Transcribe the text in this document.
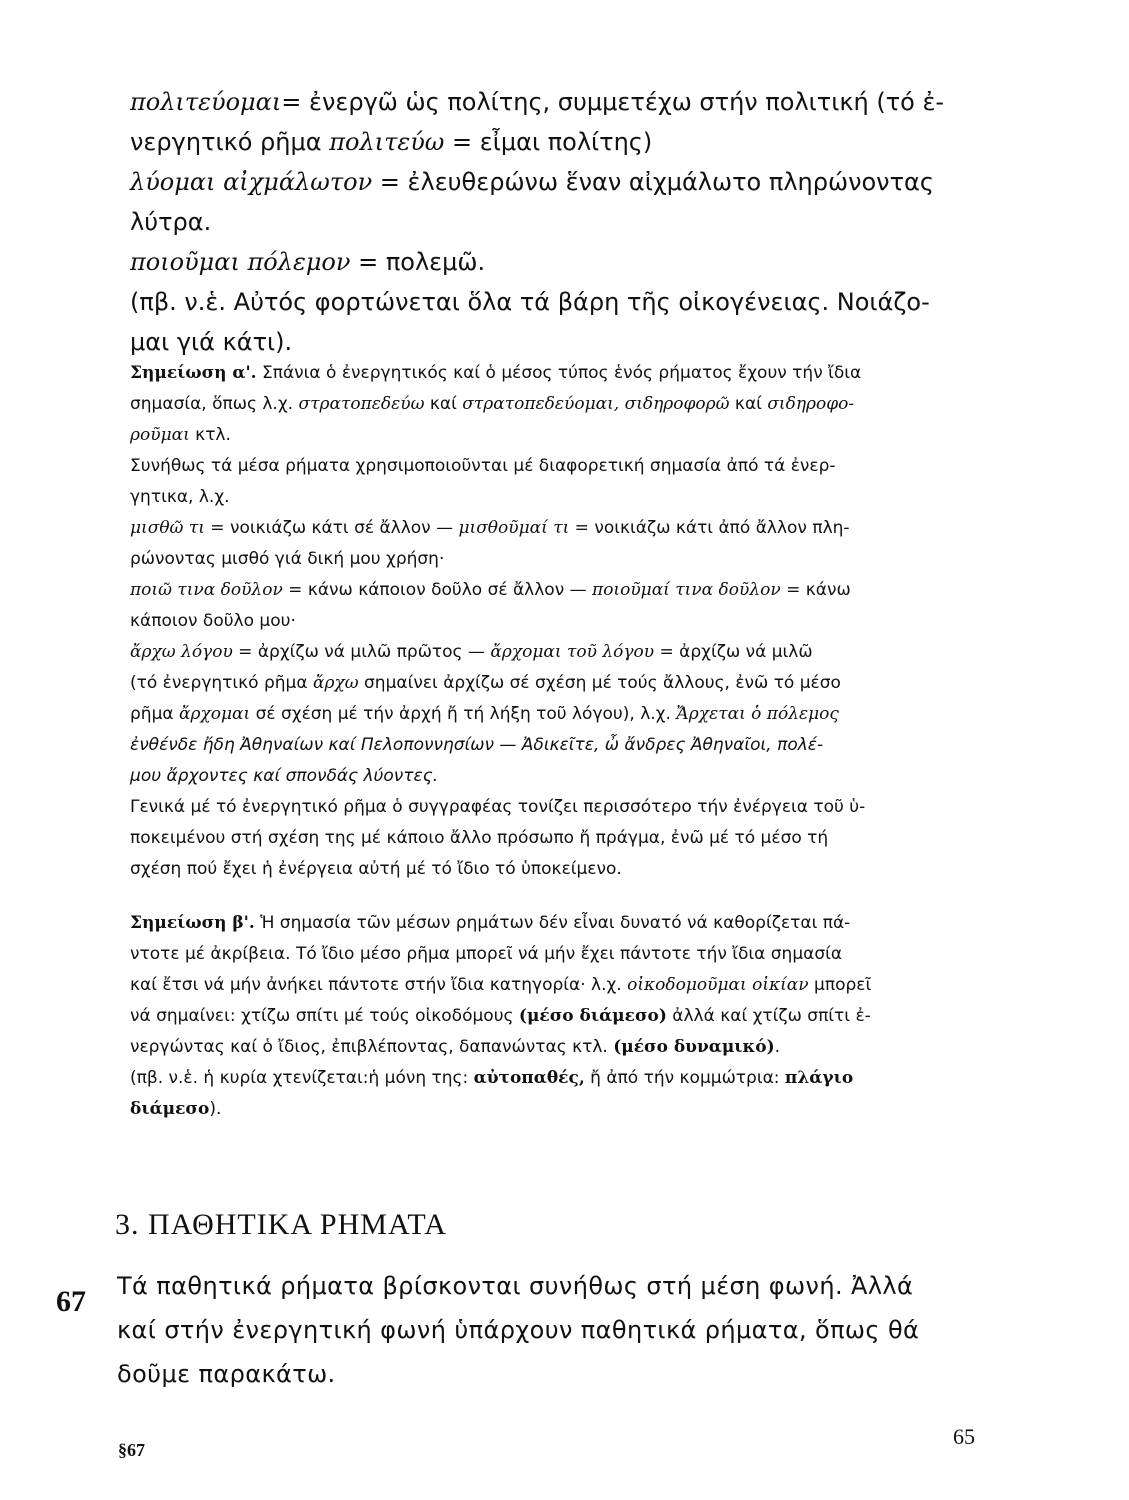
πολιτεύομαι= ἐνεργῶ ὡς πολίτης, συμμετέχω στήν πολιτική (τό ἐ-

νεργητικό ρῆμα πολιτεύω = εἶμαι πολίτης)

λύομαι αἰχμάλωτον = ἐλευθερώνω ἕναν αἰχμάλωτο πληρώνοντας

λύτρα.

ποιοῦμαι πόλεμον = πολεμῶ.

(πβ. ν.ἑ. Αὐτός φορτώνεται ὅλα τά βάρη τῆς οἰκογένειας. Νοιάζο-

μαι γιά κάτι).

Σημείωση α'. Σπάνια ὁ ἐνεργητικός καί ὁ μέσος τύπος ἑνός ρήματος ἔχουν τήν ἴδια

σημασία, ὅπως λ.χ. στρατοπεδεύω καί στρατοπεδεύομαι, σιδηροφορῶ καί σιδηροφο-

ροῦμαι κτλ.

Συνήθως τά μέσα ρήματα χρησιμοποιοῦνται μέ διαφορετική σημασία ἀπό τά ἐνερ-

γητικα, λ.χ.

μισθῶ τι = νοικιάζω κάτι σέ ἄλλον — μισθοῦμαί τι = νοικιάζω κάτι ἀπό ἄλλον πλη-

ρώνοντας μισθό γιά δική μου χρήση·

ποιῶ τινα δοῦλον = κάνω κάποιον δοῦλο σέ ἄλλον — ποιοῦμαί τινα δοῦλον = κάνω

κάποιον δοῦλο μου·

ἄρχω λόγου = ἀρχίζω νά μιλῶ πρῶτος — ἄρχομαι τοῦ λόγου = ἀρχίζω νά μιλῶ

(τό ἐνεργητικό ρῆμα ἄρχω σημαίνει ἀρχίζω σέ σχέση μέ τούς ἄλλους, ἐνῶ τό μέσο

ρῆμα ἄρχομαι σέ σχέση μέ τήν ἀρχή ἤ τή λήξη τοῦ λόγου), λ.χ. Ἄρχεται ὁ πόλεμος

ἐνθένδε ἤδη Ἀθηναίων καί Πελοποννησίων — Ἀδικεῖτε, ὦ ἄνδρες Ἀθηναῖοι, πολέ-

μου ἄρχοντες καί σπονδάς λύοντες.

Γενικά μέ τό ἐνεργητικό ρῆμα ὁ συγγραφέας τονίζει περισσότερο τήν ἐνέργεια τοῦ ὑ-

ποκειμένου στή σχέση της μέ κάποιο ἄλλο πρόσωπο ἤ πράγμα, ἐνῶ μέ τό μέσο τή

σχέση πού ἔχει ἡ ἐνέργεια αὐτή μέ τό ἴδιο τό ὑποκείμενο.

Σημείωση β'. Ἡ σημασία τῶν μέσων ρημάτων δέν εἶναι δυνατό νά καθορίζεται πά-

ντοτε μέ ἀκρίβεια. Τό ἴδιο μέσο ρῆμα μπορεῖ νά μήν ἔχει πάντοτε τήν ἴδια σημασία

καί ἔτσι νά μήν ἀνήκει πάντοτε στήν ἴδια κατηγορία· λ.χ. οἰκοδομοῦμαι οἰκίαν μπορεῖ

νά σημαίνει: χτίζω σπίτι μέ τούς οἰκοδόμους (μέσο διάμεσο) ἀλλά καί χτίζω σπίτι ἐ-

νεργώντας καί ὁ ἴδιος, ἐπιβλέποντας, δαπανώντας κτλ. (μέσο δυναμικό).

(πβ. ν.ἑ. ἡ κυρία χτενίζεται:ἡ μόνη της: αὐτοπαθές, ἤ ἀπό τήν κομμώτρια: πλάγιο

διάμεσο).

3. ΠΑΘΗΤΙΚΑ ΡΗΜΑΤΑ
67 Τά παθητικά ρήματα βρίσκονται συνήθως στή μέση φωνή. Ἀλλά

καί στήν ἐνεργητική φωνή ὑπάρχουν παθητικά ρήματα, ὅπως θά

δοῦμε παρακάτω.

§67
65
